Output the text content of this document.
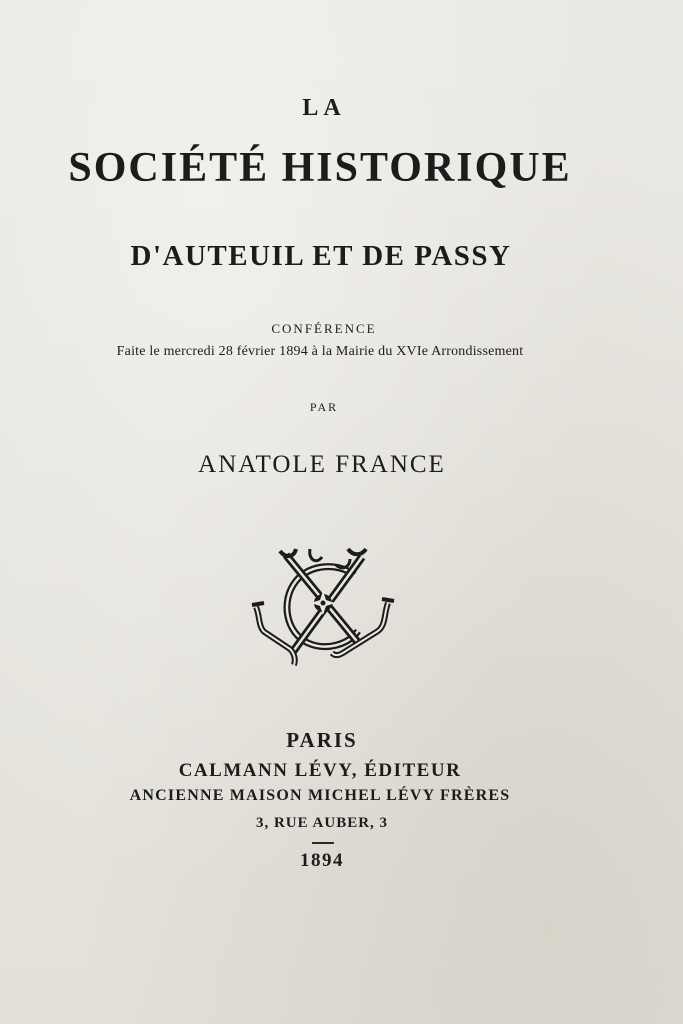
LA
SOCIÉTÉ HISTORIQUE
D'AUTEUIL ET DE PASSY
CONFÉRENCE
Faite le mercredi 28 février 1894 à la Mairie du XVIe Arrondissement
PAR
ANATOLE FRANCE
PARIS
CALMANN LÉVY, ÉDITEUR
ANCIENNE MAISON MICHEL LÉVY FRÈRES
3, RUE AUBER, 3
1894
